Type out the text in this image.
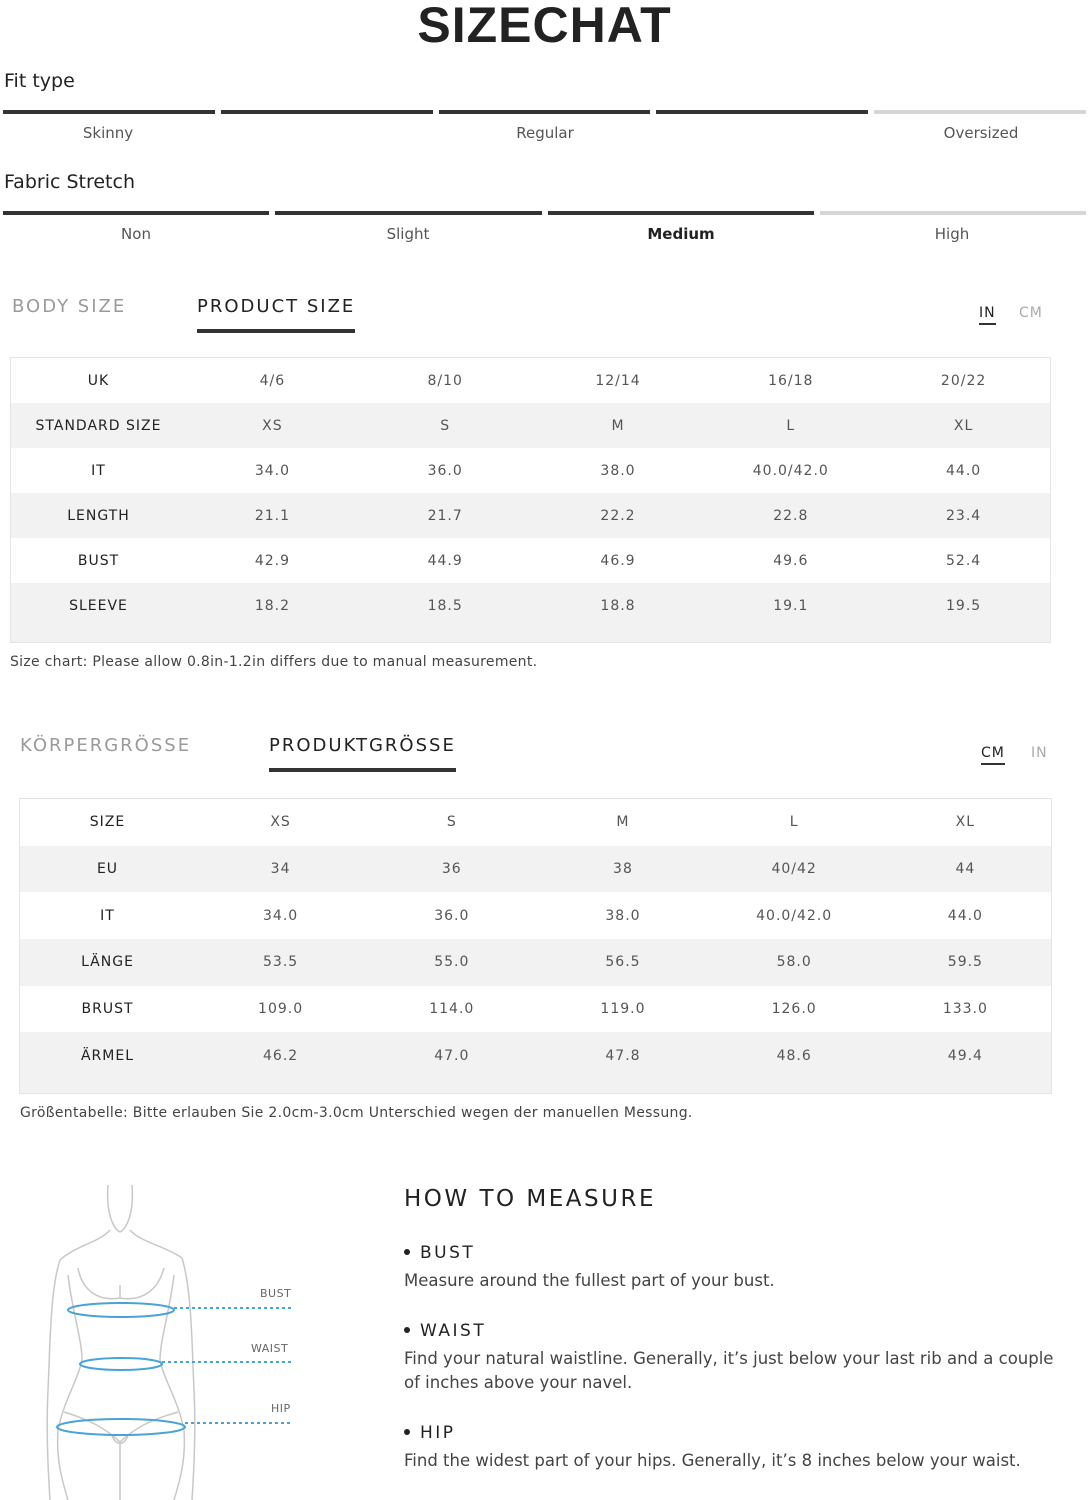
SIZECHAT
Fit type
Skinny	Regular	Oversized
Fabric Stretch
Non	Slight	Medium	High
BODY SIZE	PRODUCT SIZE	IN CM
UK	4/6	8/10	12/14	16/18	20/22
STANDARD SIZE	XS	S	M	L	XL
IT	34.0	36.0	38.0	40.0/42.0	44.0
LENGTH	21.1	21.7	22.2	22.8	23.4
BUST	42.9	44.9	46.9	49.6	52.4
SLEEVE	18.2	18.5	18.8	19.1	19.5
Size chart: Please allow 0.8in-1.2in differs due to manual measurement.
KÖRPERGRÖSSE	PRODUKTGRÖSSE	CM IN
SIZE	XS	S	M	L	XL
EU	34	36	38	40/42	44
IT	34.0	36.0	38.0	40.0/42.0	44.0
LÄNGE	53.5	55.0	56.5	58.0	59.5
BRUST	109.0	114.0	119.0	126.0	133.0
ÄRMEL	46.2	47.0	47.8	48.6	49.4
Größentabelle: Bitte erlauben Sie 2.0cm-3.0cm Unterschied wegen der manuellen Messung.
BUST
WAIST
HIP
HOW TO MEASURE
BUST
Measure around the fullest part of your bust.
WAIST
Find your natural waistline. Generally, it’s just below your last rib and a couple of inches above your navel.
HIP
Find the widest part of your hips. Generally, it’s 8 inches below your waist.
